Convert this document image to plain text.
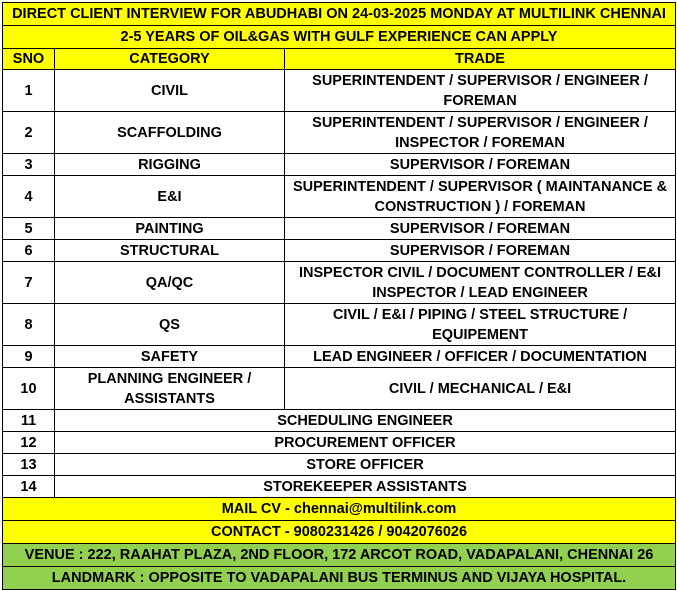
DIRECT CLIENT INTERVIEW FOR ABUDHABI ON 24-03-2025 MONDAY AT MULTILINK CHENNAI		
2-5 YEARS OF OIL&GAS WITH GULF EXPERIENCE CAN APPLY		
SNO	CATEGORY	TRADE
1	CIVIL	SUPERINTENDENT / SUPERVISOR / ENGINEER / FOREMAN
2	SCAFFOLDING	SUPERINTENDENT / SUPERVISOR / ENGINEER / INSPECTOR / FOREMAN
3	RIGGING	SUPERVISOR / FOREMAN
4	E&I	SUPERINTENDENT / SUPERVISOR ( MAINTANANCE & CONSTRUCTION ) / FOREMAN
5	PAINTING	SUPERVISOR / FOREMAN
6	STRUCTURAL	SUPERVISOR / FOREMAN
7	QA/QC	INSPECTOR CIVIL / DOCUMENT CONTROLLER / E&I INSPECTOR / LEAD ENGINEER
8	QS	CIVIL / E&I / PIPING / STEEL STRUCTURE / EQUIPEMENT
9	SAFETY	LEAD ENGINEER / OFFICER / DOCUMENTATION
10	PLANNING ENGINEER / ASSISTANTS	CIVIL / MECHANICAL / E&I
11	SCHEDULING ENGINEER	
12	PROCUREMENT OFFICER	
13	STORE OFFICER	
14	STOREKEEPER ASSISTANTS	
MAIL CV - chennai@multilink.com		
CONTACT - 9080231426 / 9042076026		
VENUE : 222, RAAHAT PLAZA, 2ND FLOOR, 172 ARCOT ROAD, VADAPALANI, CHENNAI 26		
LANDMARK : OPPOSITE TO VADAPALANI BUS TERMINUS AND VIJAYA HOSPITAL.		
